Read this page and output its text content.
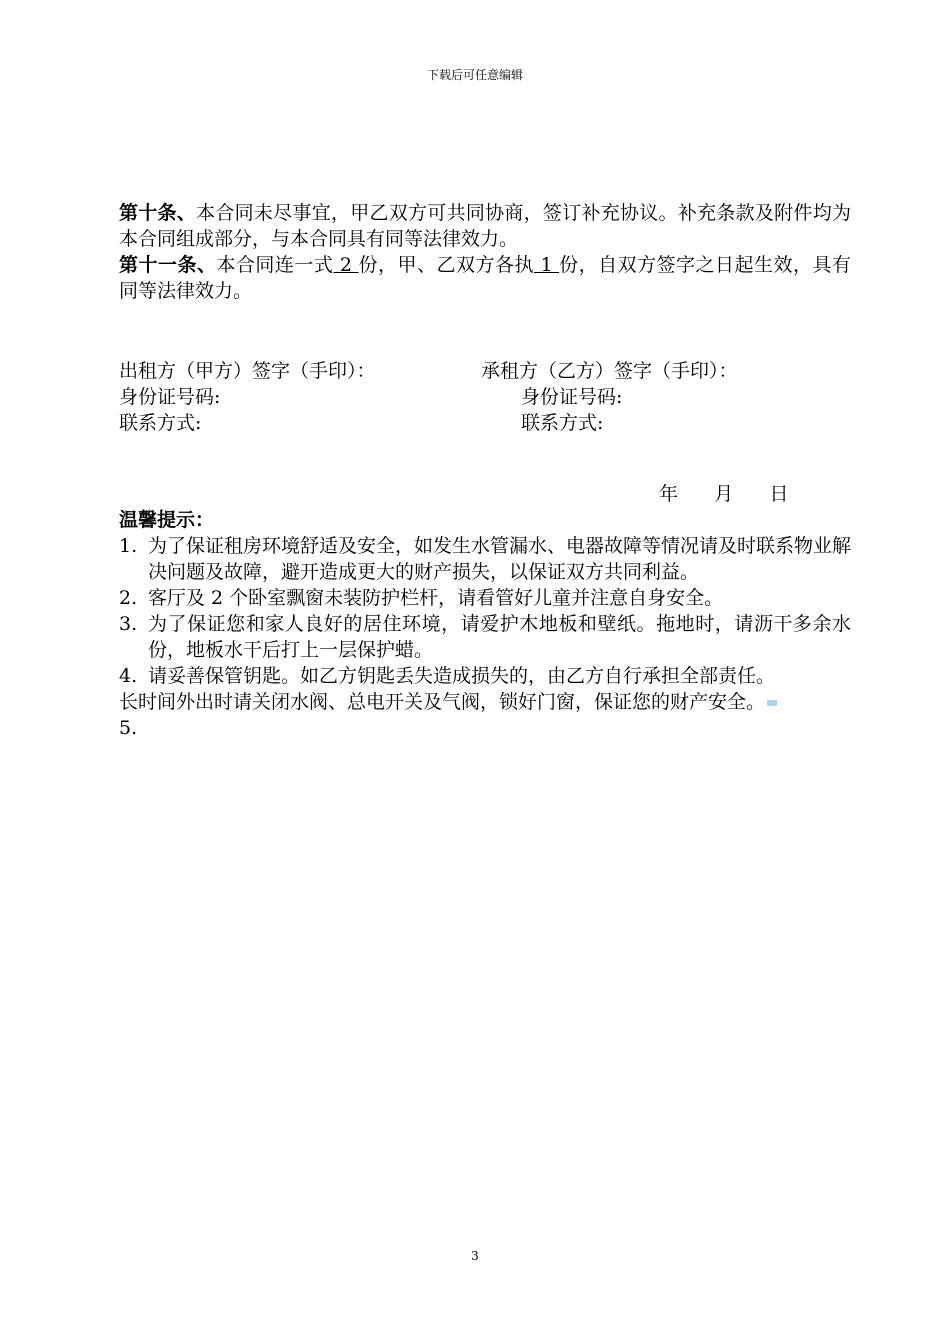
下载后可任意编辑

第十条、本合同未尽事宜，甲乙双方可共同协商，签订补充协议。补充条款及附件均为本合同组成部分，与本合同具有同等法律效力。

第十一条、本合同连一式 2 份，甲、乙双方各执 1 份，自双方签字之日起生效，具有同等法律效力。

出租方（甲方）签字（手印）：	承租方（乙方）签字（手印）：
身份证号码:	身份证号码:
联系方式:	联系方式:
年      月      日

温馨提示：

1. 为了保证租房环境舒适及安全，如发生水管漏水、电器故障等情况请及时联系物业解决问题及故障，避开造成更大的财产损失，以保证双方共同利益。
2. 客厅及 2 个卧室飘窗未装防护栏杆，请看管好儿童并注意自身安全。
3. 为了保证您和家人良好的居住环境，请爱护木地板和壁纸。拖地时，请沥干多余水份，地板水干后打上一层保护蜡。
4. 请妥善保管钥匙。如乙方钥匙丢失造成损失的，由乙方自行承担全部责任。

长时间外出时请关闭水阀、总电开关及气阀，锁好门窗，保证您的财产安全。

5.

3
